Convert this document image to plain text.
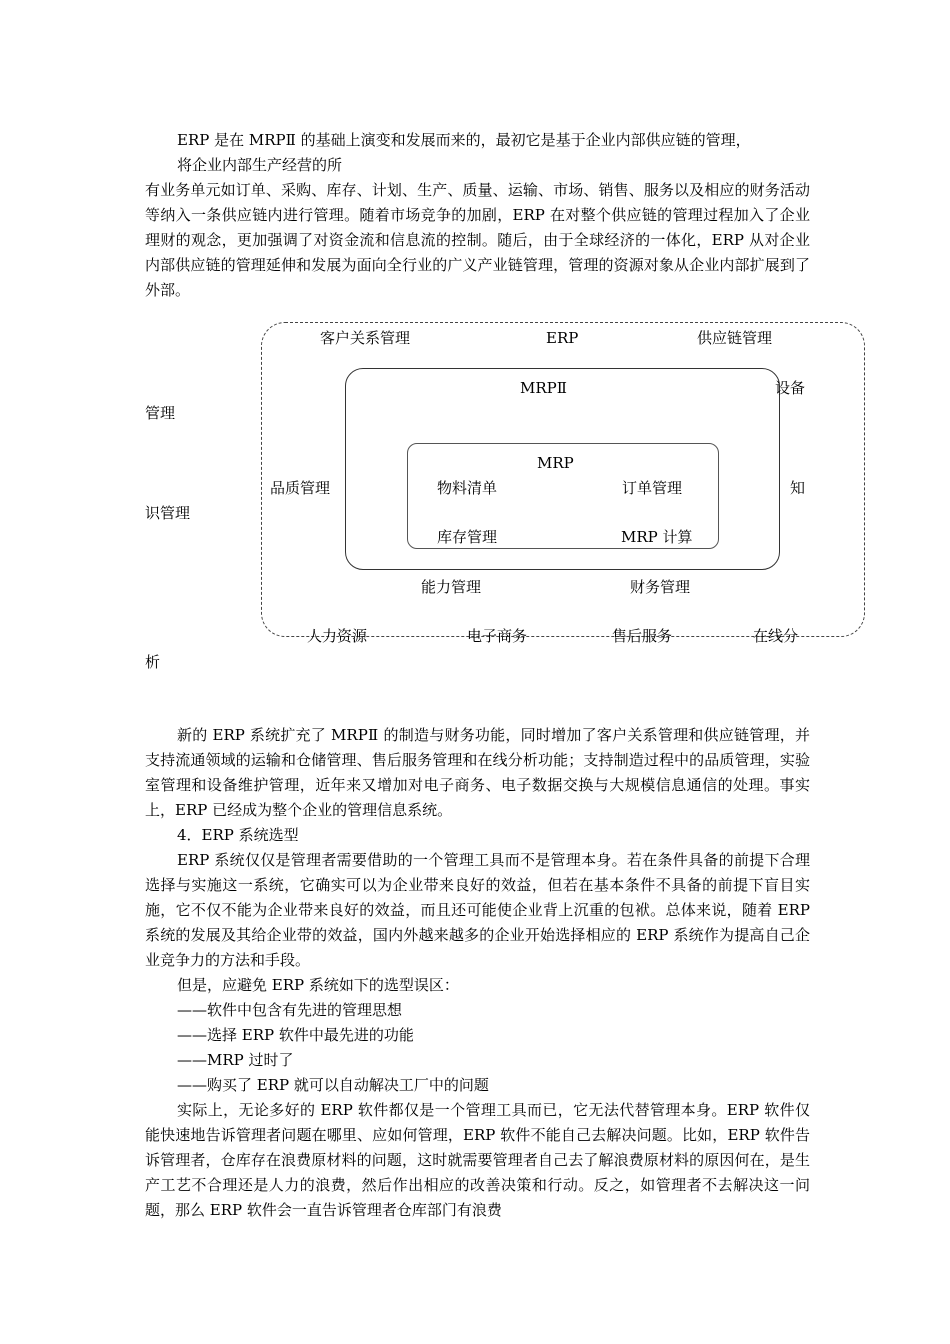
ERP 是在 MRPⅡ 的基础上演变和发展而来的，最初它是基于企业内部供应链的管理，
将企业内部生产经营的所

有业务单元如订单、采购、库存、计划、生产、质量、运输、市场、销售、服务以及相应的财务活动等纳入一条供应链内进行管理。随着市场竞争的加剧，ERP 在对整个供应链的管理过程加入了企业理财的观念，更加强调了对资金流和信息流的控制。随后，由于全球经济的一体化，ERP 从对企业内部供应链的管理延伸和发展为面向全行业的广义产业链管理，管理的资源对象从企业内部扩展到了外部。

客户关系管理	ERP	供应链管理
MRPⅡ	设备
管理
MRP
品质管理	物料清单	订单管理	知
识管理
库存管理	MRP 计算
能力管理	财务管理
人力资源	电子商务	售后服务	在线分
析

新的 ERP 系统扩充了 MRPⅡ 的制造与财务功能，同时增加了客户关系管理和供应链管理，并支持流通领域的运输和仓储管理、售后服务管理和在线分析功能；支持制造过程中的品质管理，实验室管理和设备维护管理，近年来又增加对电子商务、电子数据交换与大规模信息通信的处理。事实上，ERP 已经成为整个企业的管理信息系统。

4．ERP 系统选型

ERP 系统仅仅是管理者需要借助的一个管理工具而不是管理本身。若在条件具备的前提下合理选择与实施这一系统，它确实可以为企业带来良好的效益，但若在基本条件不具备的前提下盲目实施，它不仅不能为企业带来良好的效益，而且还可能使企业背上沉重的包袱。总体来说，随着 ERP 系统的发展及其给企业带的效益，国内外越来越多的企业开始选择相应的 ERP 系统作为提高自己企业竞争力的方法和手段。

但是，应避免 ERP 系统如下的选型误区：

——软件中包含有先进的管理思想

——选择 ERP 软件中最先进的功能

——MRP 过时了

——购买了 ERP 就可以自动解决工厂中的问题

实际上，无论多好的 ERP 软件都仅是一个管理工具而已，它无法代替管理本身。ERP 软件仅能快速地告诉管理者问题在哪里、应如何管理，ERP 软件不能自己去解决问题。比如，ERP 软件告诉管理者，仓库存在浪费原材料的问题，这时就需要管理者自己去了解浪费原材料的原因何在，是生产工艺不合理还是人力的浪费，然后作出相应的改善决策和行动。反之，如管理者不去解决这一问题，那么 ERP 软件会一直告诉管理者仓库部门有浪费
